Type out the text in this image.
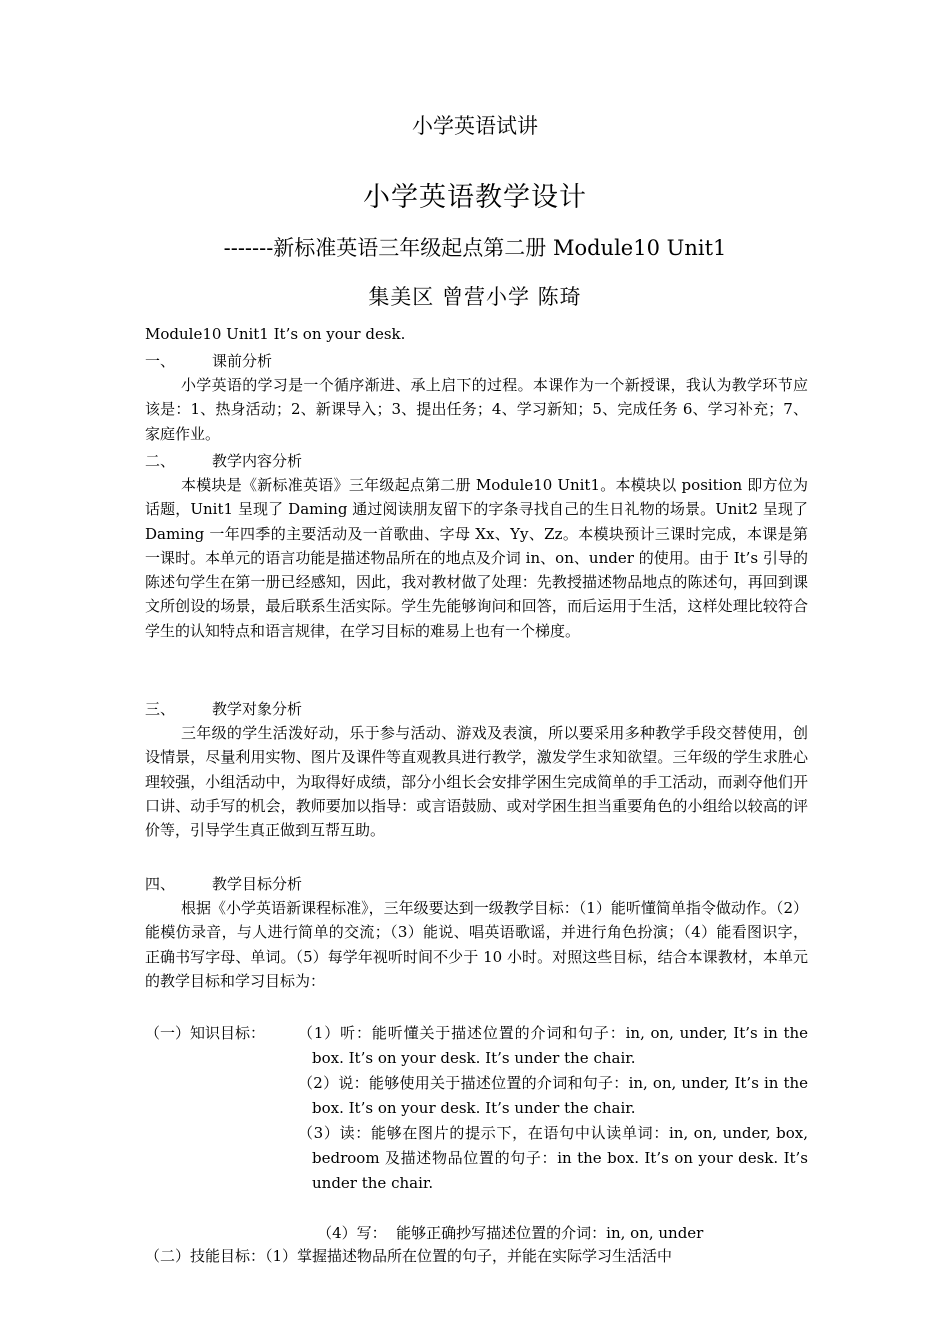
小学英语试讲
小学英语教学设计
-------新标准英语三年级起点第二册 Module10 Unit1
集美区 曾营小学 陈琦
Module10 Unit1 It’s on your desk.
一、 课前分析

小学英语的学习是一个循序渐进、承上启下的过程。本课作为一个新授课，我认为教学环节应该是：1、热身活动；2、新课导入；3、提出任务；4、学习新知；5、完成任务 6、学习补充；7、家庭作业。

二、 教学内容分析

本模块是《新标准英语》三年级起点第二册 Module10 Unit1。本模块以 position 即方位为话题，Unit1 呈现了 Daming 通过阅读朋友留下的字条寻找自己的生日礼物的场景。Unit2 呈现了 Daming 一年四季的主要活动及一首歌曲、字母 Xx、Yy、Zz。本模块预计三课时完成，本课是第一课时。本单元的语言功能是描述物品所在的地点及介词 in、on、under 的使用。由于 It’s 引导的陈述句学生在第一册已经感知，因此，我对教材做了处理：先教授描述物品地点的陈述句，再回到课文所创设的场景，最后联系生活实际。学生先能够询问和回答，而后运用于生活，这样处理比较符合学生的认知特点和语言规律，在学习目标的难易上也有一个梯度。

三、 教学对象分析

三年级的学生活泼好动，乐于参与活动、游戏及表演，所以要采用多种教学手段交替使用，创设情景，尽量利用实物、图片及课件等直观教具进行教学，激发学生求知欲望。三年级的学生求胜心理较强，小组活动中，为取得好成绩，部分小组长会安排学困生完成简单的手工活动，而剥夺他们开口讲、动手写的机会，教师要加以指导：或言语鼓励、或对学困生担当重要角色的小组给以较高的评价等，引导学生真正做到互帮互助。

四、 教学目标分析

根据《小学英语新课程标准》，三年级要达到一级教学目标：（1）能听懂简单指令做动作。（2）能模仿录音，与人进行简单的交流；（3）能说、唱英语歌谣，并进行角色扮演；（4）能看图识字，正确书写字母、单词。（5）每学年视听时间不少于 10 小时。对照这些目标，结合本课教材，本单元的教学目标和学习目标为：

（一）知识目标：	（1）听：能听懂关于描述位置的介词和句子：in, on, under, It’s in the box. It’s on your desk. It’s under the chair.

（2）说：能够使用关于描述位置的介词和句子：in, on, under, It’s in the box. It’s on your desk. It’s under the chair.

（3）读：能够在图片的提示下，在语句中认读单词：in, on, under, box, bedroom 及描述物品位置的句子：in the box. It’s on your desk. It’s under the chair.

（4）写：  能够正确抄写描述位置的介词：in, on, under

（二）技能目标：（1）掌握描述物品所在位置的句子，并能在实际学习生活活中
